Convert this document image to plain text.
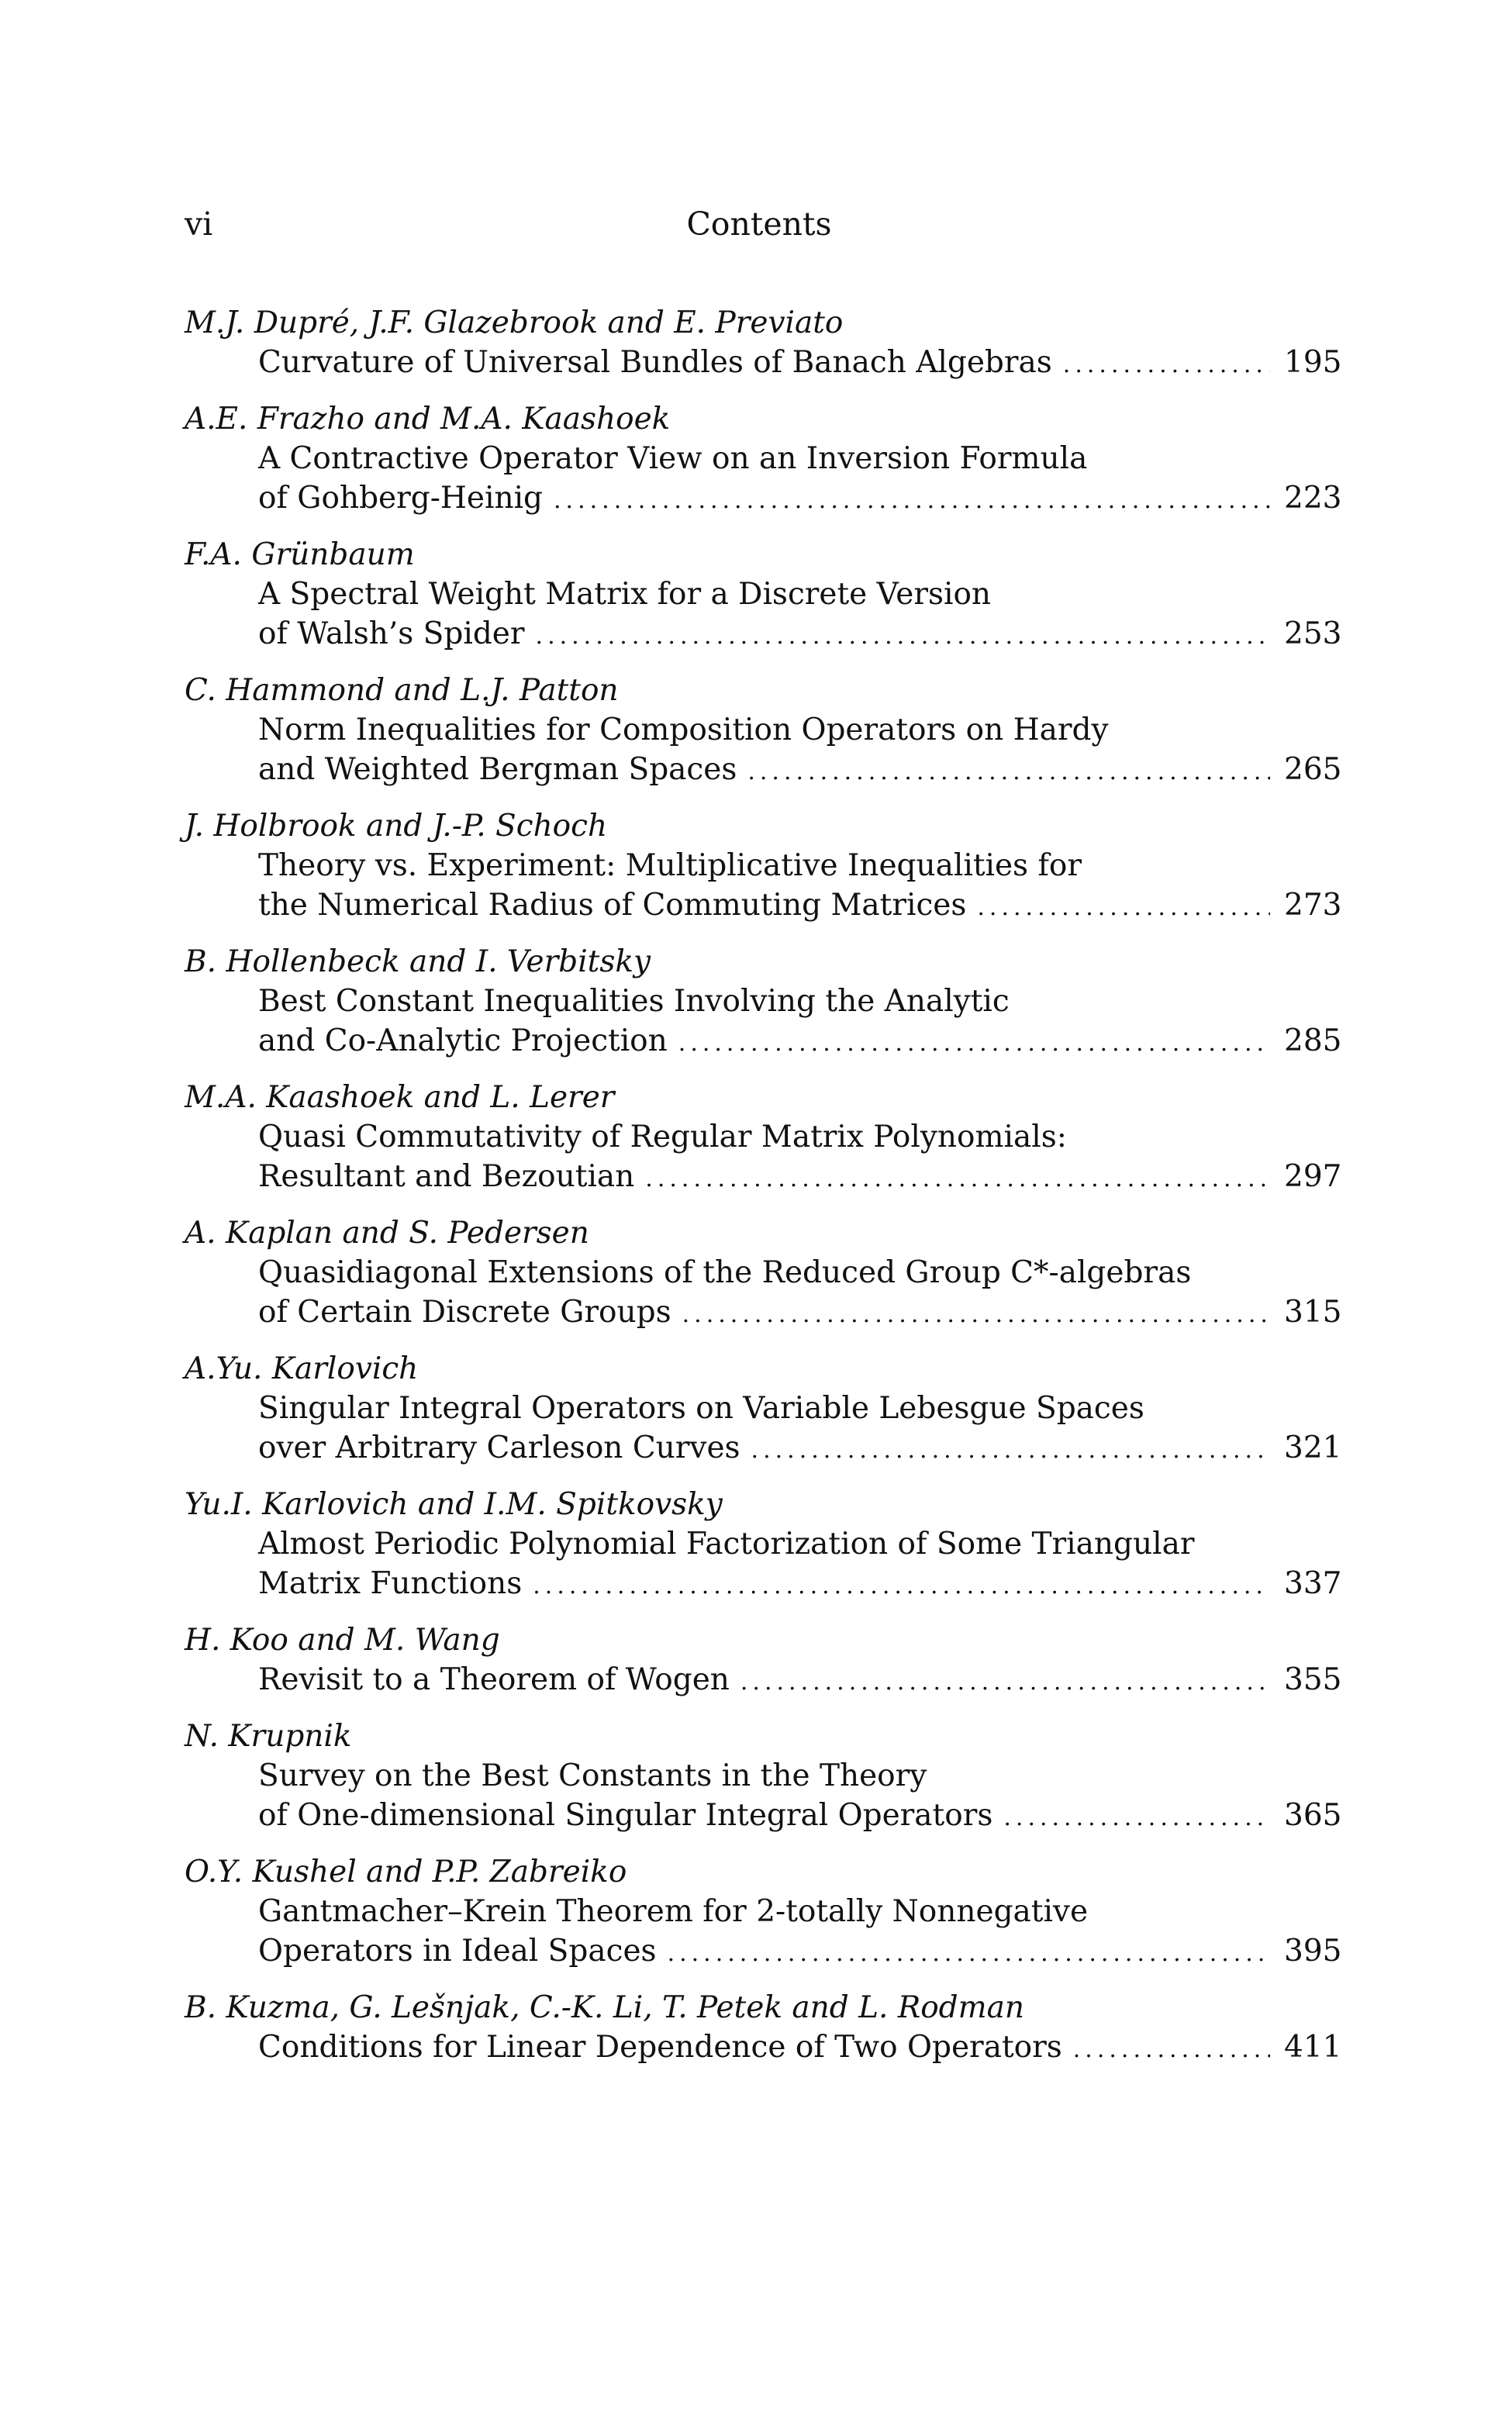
vi	Contents
M.J. Dupré, J.F. Glazebrook and E. Previato
Curvature of Universal Bundles of Banach Algebras .....	195
A.E. Frazho and M.A. Kaashoek
A Contractive Operator View on an Inversion Formula
of Gohberg-Heinig .....	223
F.A. Grünbaum
A Spectral Weight Matrix for a Discrete Version
of Walsh’s Spider .....	253
C. Hammond and L.J. Patton
Norm Inequalities for Composition Operators on Hardy
and Weighted Bergman Spaces .....	265
J. Holbrook and J.-P. Schoch
Theory vs. Experiment: Multiplicative Inequalities for
the Numerical Radius of Commuting Matrices .....	273
B. Hollenbeck and I. Verbitsky
Best Constant Inequalities Involving the Analytic
and Co-Analytic Projection .....	285
M.A. Kaashoek and L. Lerer
Quasi Commutativity of Regular Matrix Polynomials:
Resultant and Bezoutian .....	297
A. Kaplan and S. Pedersen
Quasidiagonal Extensions of the Reduced Group C*-algebras
of Certain Discrete Groups .....	315
A.Yu. Karlovich
Singular Integral Operators on Variable Lebesgue Spaces
over Arbitrary Carleson Curves .....	321
Yu.I. Karlovich and I.M. Spitkovsky
Almost Periodic Polynomial Factorization of Some Triangular
Matrix Functions .....	337
H. Koo and M. Wang
Revisit to a Theorem of Wogen .....	355
N. Krupnik
Survey on the Best Constants in the Theory
of One-dimensional Singular Integral Operators .....	365
O.Y. Kushel and P.P. Zabreiko
Gantmacher–Krein Theorem for 2-totally Nonnegative
Operators in Ideal Spaces .....	395
B. Kuzma, G. Lešnjak, C.-K. Li, T. Petek and L. Rodman
Conditions for Linear Dependence of Two Operators .....	411
